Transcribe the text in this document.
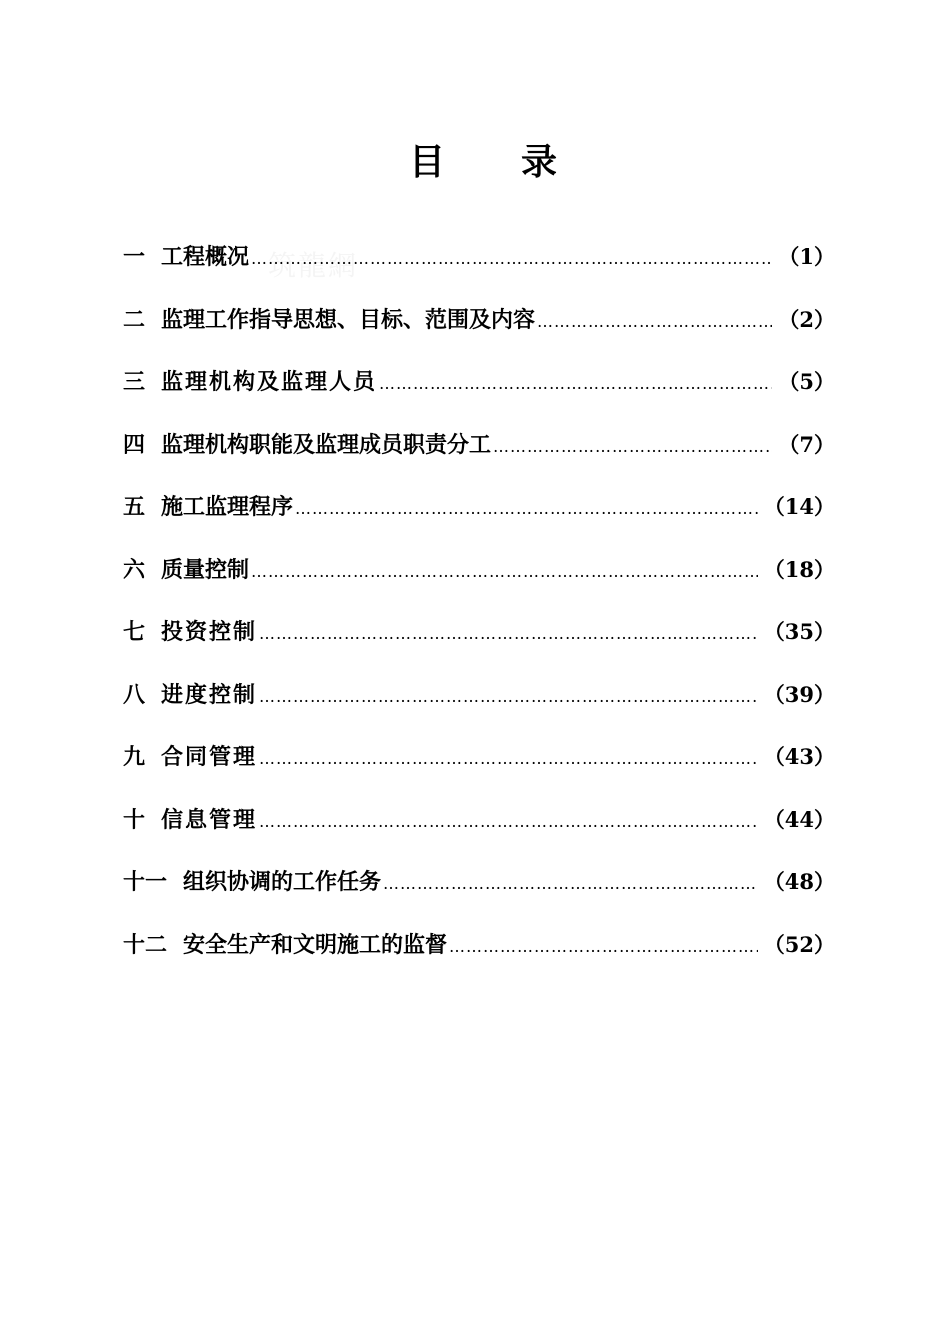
目 录
筑龍網
一 工程概况 ………………………………………………………………………………………………………………………………………………	（1）
二 监理工作指导思想、目标、范围及内容 ………………………………………………………………………………………………………………………………………………	（2）
三 监理机构及监理人员 ………………………………………………………………………………………………………………………………………………	（5）
四 监理机构职能及监理成员职责分工 ………………………………………………………………………………………………………………………………………………	（7）
五 施工监理程序 ………………………………………………………………………………………………………………………………………………	（14）
六 质量控制 ………………………………………………………………………………………………………………………………………………	（18）
七 投资控制 ………………………………………………………………………………………………………………………………………………	（35）
八 进度控制 ………………………………………………………………………………………………………………………………………………	（39）
九 合同管理 ………………………………………………………………………………………………………………………………………………	（43）
十 信息管理 ………………………………………………………………………………………………………………………………………………	（44）
十一 组织协调的工作任务 ………………………………………………………………………………………………………………………………………………	（48）
十二 安全生产和文明施工的监督 ………………………………………………………………………………………………………………………………………………	（52）
